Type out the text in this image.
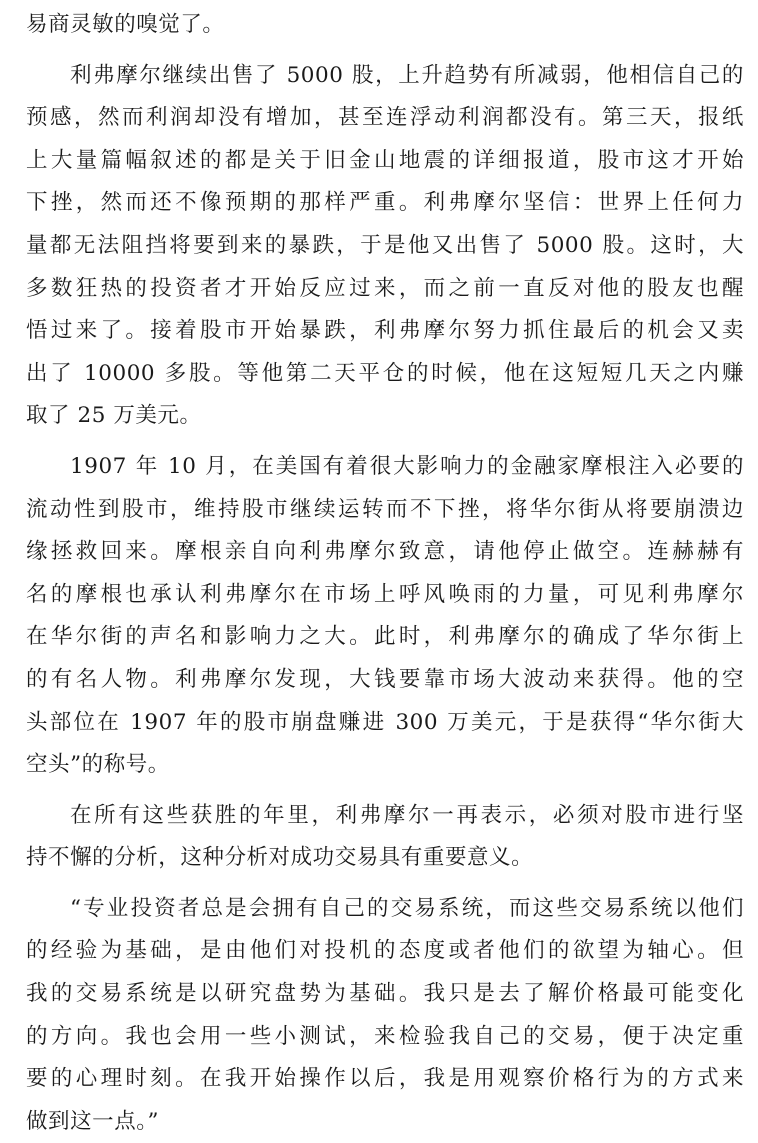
易商灵敏的嗅觉了。
利弗摩尔继续出售了 5000 股，上升趋势有所减弱，他相信自己的
预感，然而利润却没有增加，甚至连浮动利润都没有。第三天，报纸
上大量篇幅叙述的都是关于旧金山地震的详细报道，股市这才开始
下挫，然而还不像预期的那样严重。利弗摩尔坚信：世界上任何力
量都无法阻挡将要到来的暴跌，于是他又出售了 5000 股。这时，大
多数狂热的投资者才开始反应过来，而之前一直反对他的股友也醒
悟过来了。接着股市开始暴跌，利弗摩尔努力抓住最后的机会又卖
出了 10000 多股。等他第二天平仓的时候，他在这短短几天之内赚
取了 25 万美元。
1907 年 10 月，在美国有着很大影响力的金融家摩根注入必要的
流动性到股市，维持股市继续运转而不下挫，将华尔街从将要崩溃边
缘拯救回来。摩根亲自向利弗摩尔致意，请他停止做空。连赫赫有
名的摩根也承认利弗摩尔在市场上呼风唤雨的力量，可见利弗摩尔
在华尔街的声名和影响力之大。此时，利弗摩尔的确成了华尔街上
的有名人物。利弗摩尔发现，大钱要靠市场大波动来获得。他的空
头部位在 1907 年的股市崩盘赚进 300 万美元，于是获得“华尔街大
空头”的称号。
在所有这些获胜的年里，利弗摩尔一再表示，必须对股市进行坚
持不懈的分析，这种分析对成功交易具有重要意义。
“专业投资者总是会拥有自己的交易系统，而这些交易系统以他们
的经验为基础，是由他们对投机的态度或者他们的欲望为轴心。但
我的交易系统是以研究盘势为基础。我只是去了解价格最可能变化
的方向。我也会用一些小测试，来检验我自己的交易，便于决定重
要的心理时刻。在我开始操作以后，我是用观察价格行为的方式来
做到这一点。”
